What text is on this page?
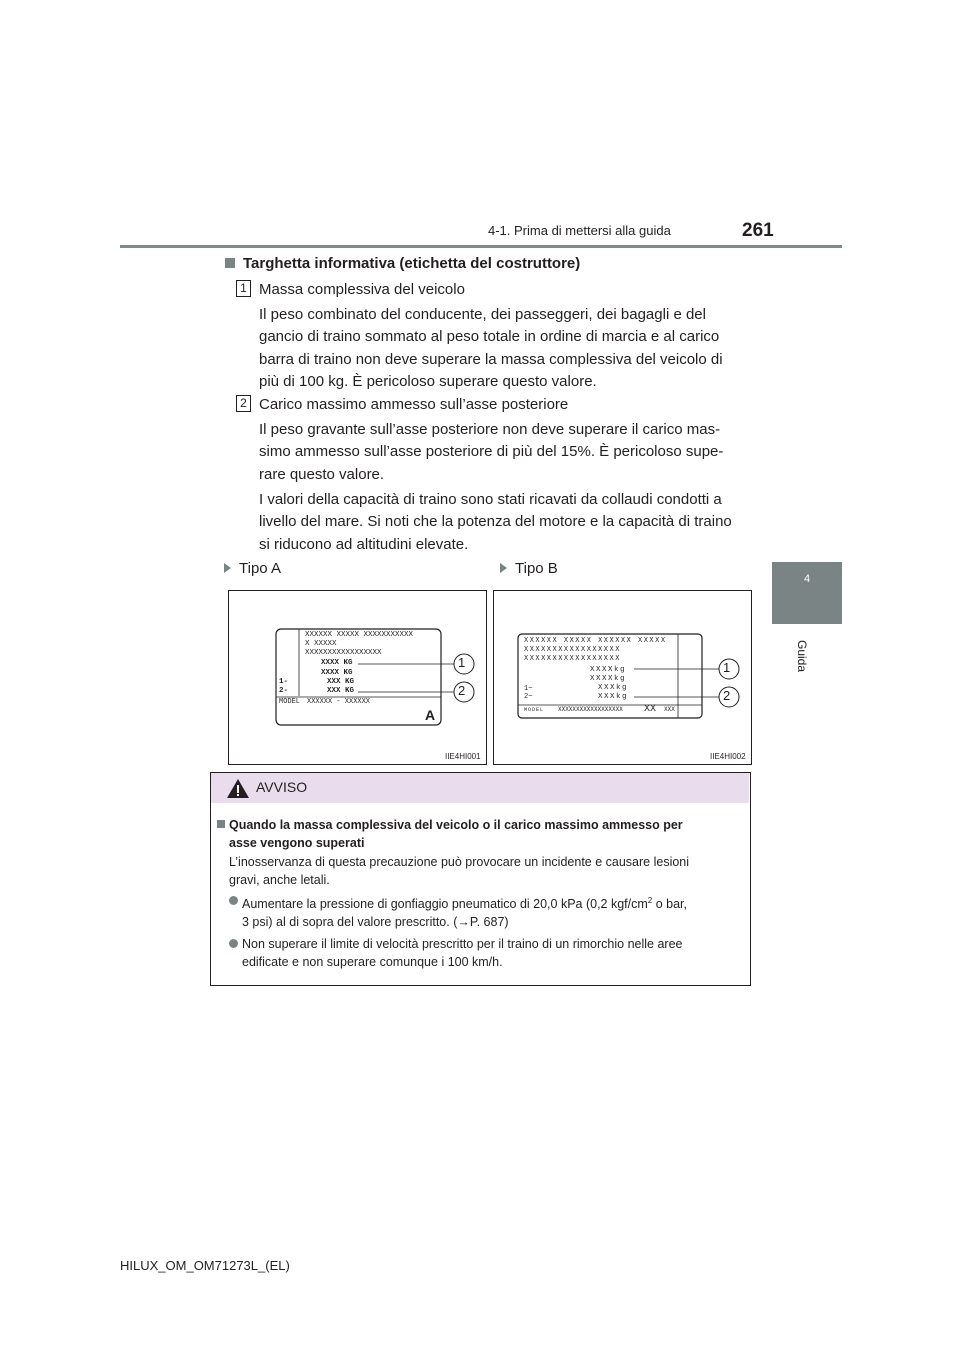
4-1. Prima di mettersi alla guida	261
4
Guida
Targhetta informativa (etichetta del costruttore)
1 Massa complessiva del veicolo
Il peso combinato del conducente, dei passeggeri, dei bagagli e del
gancio di traino sommato al peso totale in ordine di marcia e al carico
barra di traino non deve superare la massa complessiva del veicolo di
più di 100 kg. È pericoloso superare questo valore.
2 Carico massimo ammesso sull’asse posteriore
Il peso gravante sull’asse posteriore non deve superare il carico mas-
simo ammesso sull’asse posteriore di più del 15%. È pericoloso supe-
rare questo valore.
I valori della capacità di traino sono stati ricavati da collaudi condotti a
livello del mare. Si noti che la potenza del motore e la capacità di traino
si riducono ad altitudini elevate.
Tipo A	Tipo B
XXXXXX XXXXX XXXXXXXXXXX
X XXXXX
XXXXXXXXXXXXXXXXX
XXXX KG
XXXX KG
1-	XXX KG
2-	XXX KG
MODEL XXXXXX - XXXXXX
A
1
2
IIE4HI001
XXXXXX XXXXX XXXXXX XXXXX
XXXXXXXXXXXXXXXXX
XXXXXXXXXXXXXXXXX
XXXXkg
XXXXkg
1~	XXXkg
2~	XXXkg
MODEL XXXXXXXXXXXXXXXXXX XX XXX
1
2
IIE4HI002
AVVISO
Quando la massa complessiva del veicolo o il carico massimo ammesso per
asse vengono superati
L’inosservanza di questa precauzione può provocare un incidente e causare lesioni
gravi, anche letali.
Aumentare la pressione di gonfiaggio pneumatico di 20,0 kPa (0,2 kgf/$cm^2$ o bar,
3 psi) al di sopra del valore prescritto. (→P. 687)
Non superare il limite di velocità prescritto per il traino di un rimorchio nelle aree
edificate e non superare comunque i 100 km/h.
HILUX_OM_OM71273L_(EL)
